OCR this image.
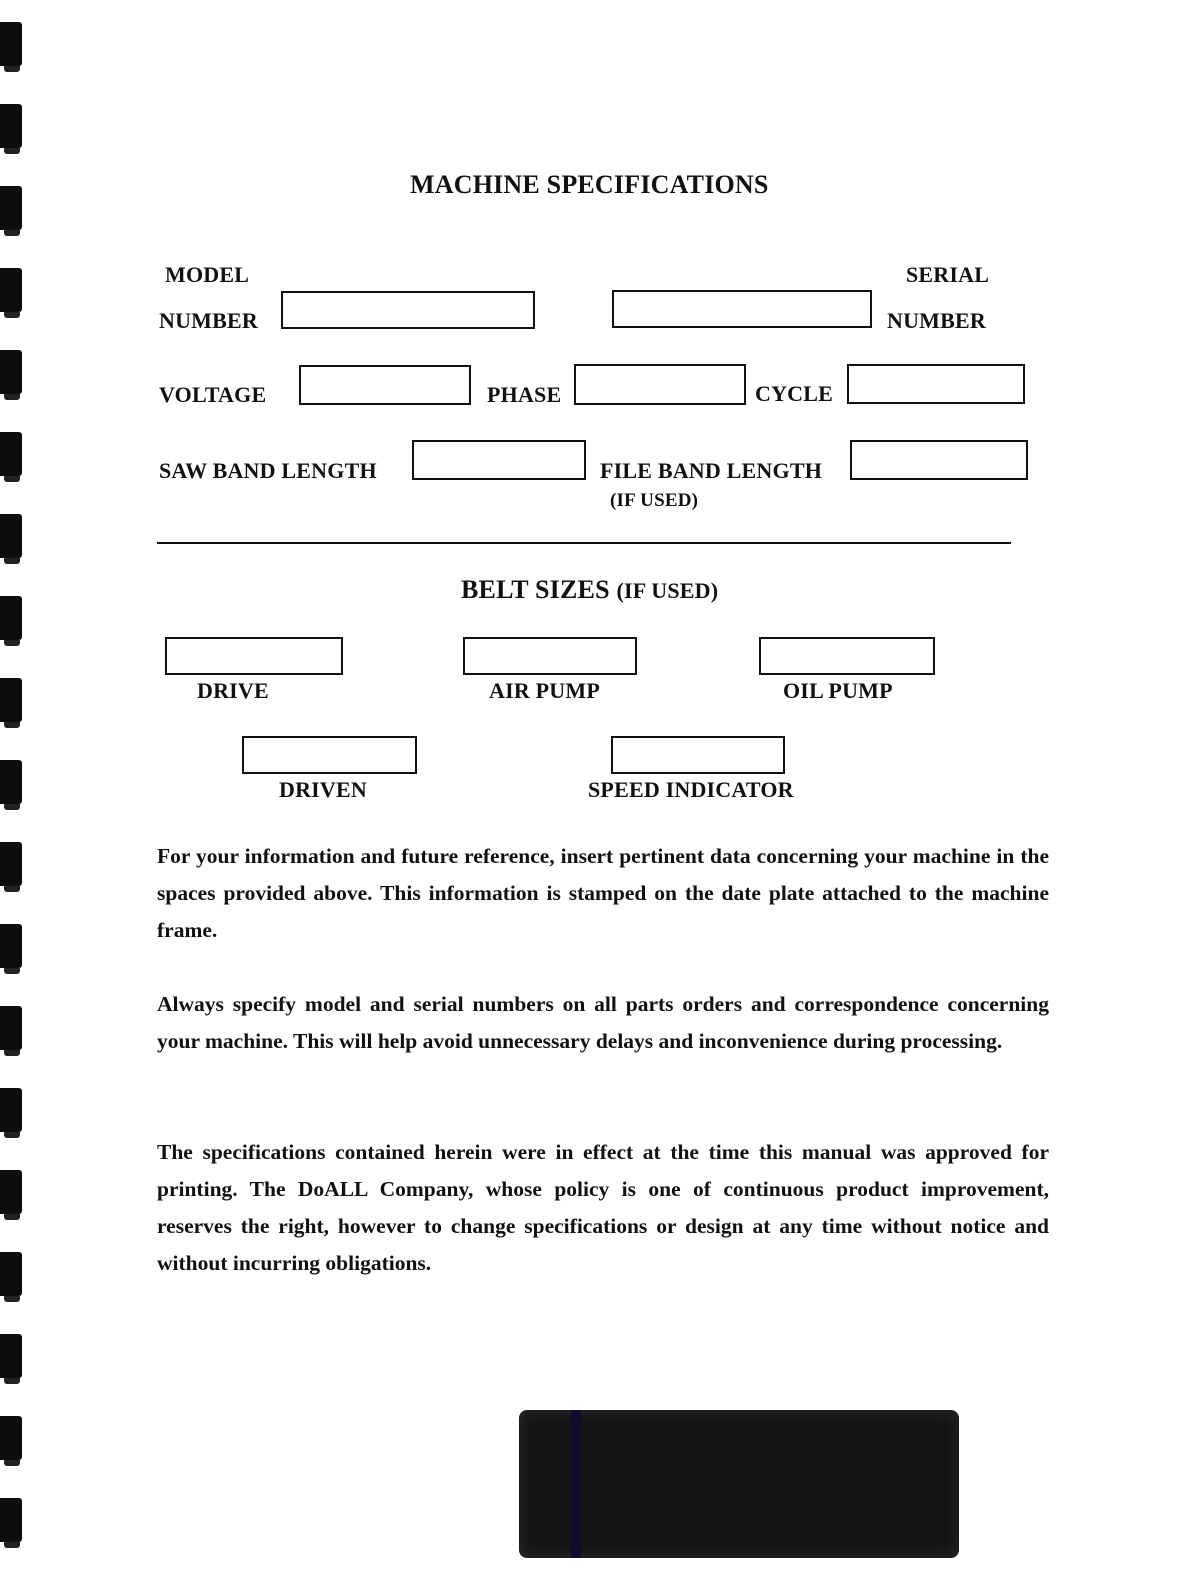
MACHINE SPECIFICATIONS
MODEL
NUMBER
SERIAL
NUMBER
VOLTAGE	PHASE	CYCLE
SAW BAND LENGTH	FILE BAND LENGTH
(IF USED)
BELT SIZES (IF USED)
DRIVE	AIR PUMP	OIL PUMP
DRIVEN	SPEED INDICATOR
For your information and future reference, insert pertinent data concerning your machine in the spaces provided above. This information is stamped on the date plate attached to the machine frame.
Always specify model and serial numbers on all parts orders and correspondence concerning your machine. This will help avoid unnecessary delays and inconvenience during processing.
The specifications contained herein were in effect at the time this manual was approved for printing. The DoALL Company, whose policy is one of continuous product improvement, reserves the right, however to change specifications or design at any time without notice and without incurring obligations.
